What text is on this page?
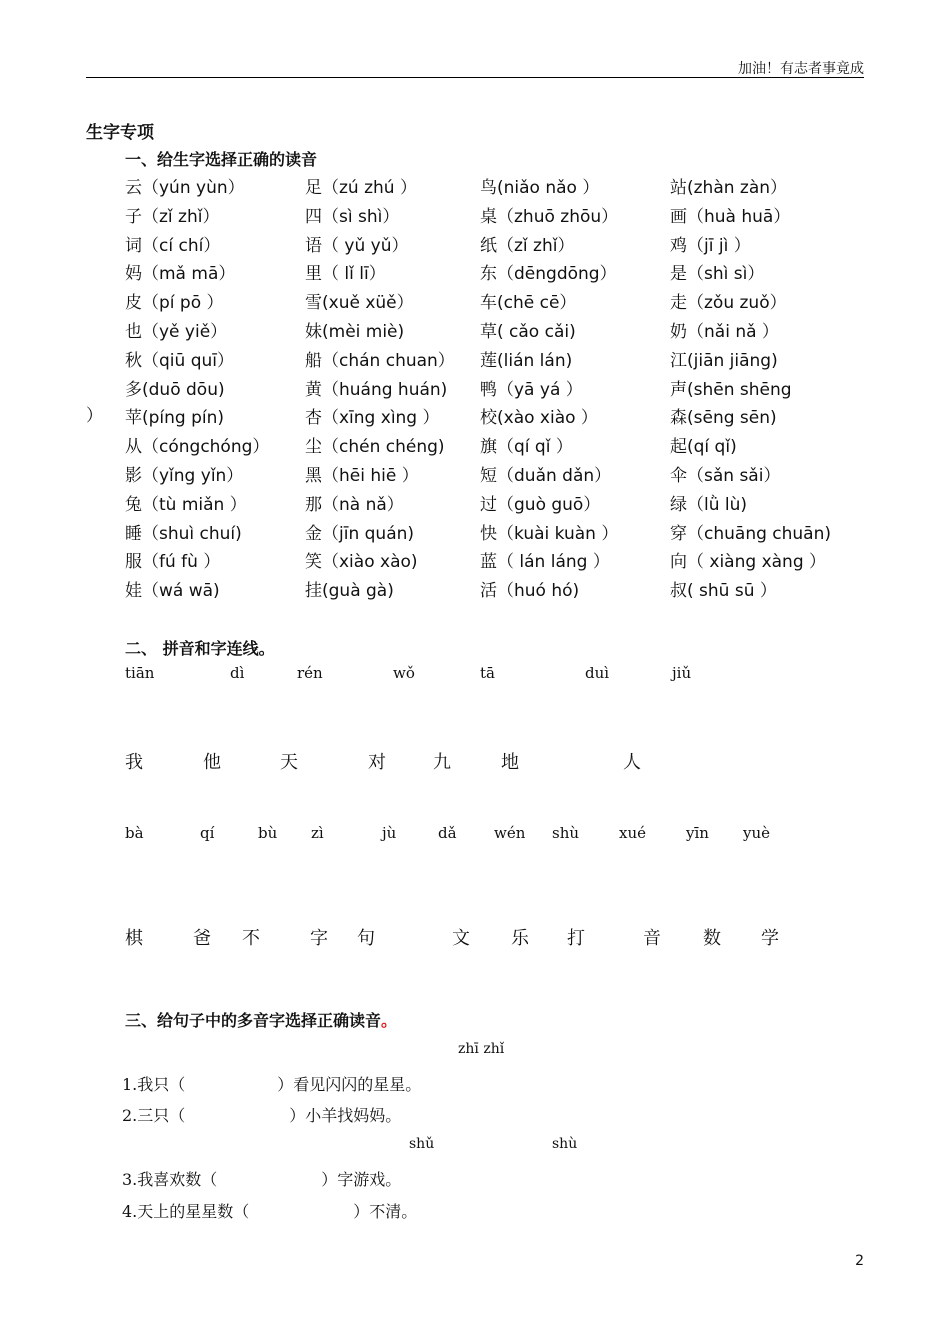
加油！有志者事竟成
生字专项
一、给生字选择正确的读音
云（yún yùn）	足（zú zhú ）	鸟(niǎo nǎo ）	站(zhàn zàn）
子（zǐ zhǐ）	四（sì shì）	桌（zhuō zhōu）	画（huà huā）
词（cí chí）	语（ yǔ yǔ）	纸（zǐ zhǐ）	鸡（jī jì ）
妈（mǎ mā）	里（ lǐ lī）	东（dēngdōng）	是（shì sì）
皮（pí pō ）	雪(xuě xüě）	车(chē cē）	走（zǒu zuǒ）
也（yě yiě）	妹(mèi miè)	草( cǎo cǎi)	奶（nǎi nǎ ）
秋（qiū quī）	船（chán chuan）	莲(lián lán)	江(jiān jiāng)
多(duō dōu)	黄（huáng huán)	鸭（yā yá ）	声(shēn shēng
苹(píng pín)	杏（xīng xìng ）	校(xào xiào ）	森(sēng sēn)
从（cóngchóng）	尘（chén chéng)	旗（qí qǐ ）	起(qí qǐ)
影（yǐng yǐn）	黑（hēi hiē ）	短（duǎn dǎn）	伞（sǎn sǎi）
兔（tù miǎn ）	那（nà nǎ）	过（guò guō）	绿（lǜ lù)
睡（shuì chuí)	金（jīn quán)	快（kuài kuàn ）	穿（chuāng chuān)
服（fú fù ）	笑（xiào xào)	蓝（ lán láng ）	向（ xiàng xàng ）
娃（wá wā)	挂(guà gà)	活（huó hó)	叔( shū sū ）
）
二、 拼音和字连线。
tiān	dì	rén	wǒ	tā	duì	jiǔ
我	他	天	对	九	地	人
bà	qí	bù zì	jù	dǎ wén shù	xué	yīn yuè
棋	爸 不	字 句	文 乐 打	音 数 学
三、给句子中的多音字选择正确读音。
zhī zhǐ
1.我只（	）看见闪闪的星星。
2.三只（	）小羊找妈妈。
shǔ	shù
3.我喜欢数（	）字游戏。
4.天上的星星数（	）不清。
2
